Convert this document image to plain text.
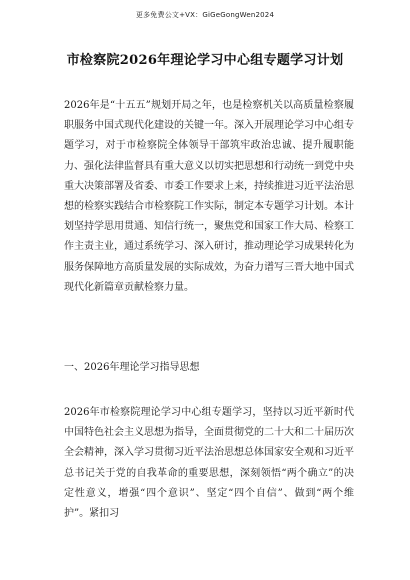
更多免费公文+VX：GiGeGongWen2024
市检察院2026年理论学习中心组专题学习计划

2026年是“十五五”规划开局之年，也是检察机关以高质量检察履职服务中国式现代化建设的关键一年。深入开展理论学习中心组专题学习，对于市检察院全体领导干部筑牢政治忠诚、提升履职能力、强化法律监督具有重大意义以切实把思想和行动统一到党中央重大决策部署及省委、市委工作要求上来，持续推进习近平法治思想的检察实践结合市检察院工作实际，制定本专题学习计划。本计划坚持学思用贯通、知信行统一，聚焦党和国家工作大局、检察工作主责主业，通过系统学习、深入研讨，推动理论学习成果转化为服务保障地方高质量发展的实际成效，为奋力谱写三晋大地中国式现代化新篇章贡献检察力量。

一、2026年理论学习指导思想

2026年市检察院理论学习中心组专题学习，坚持以习近平新时代中国特色社会主义思想为指导，全面贯彻党的二十大和二十届历次全会精神，深入学习贯彻习近平法治思想总体国家安全观和习近平总书记关于党的自我革命的重要思想，深刻领悟“两个确立”的决定性意义，增强“四个意识”、坚定“四个自信”、做到“两个维护”。紧扣习
